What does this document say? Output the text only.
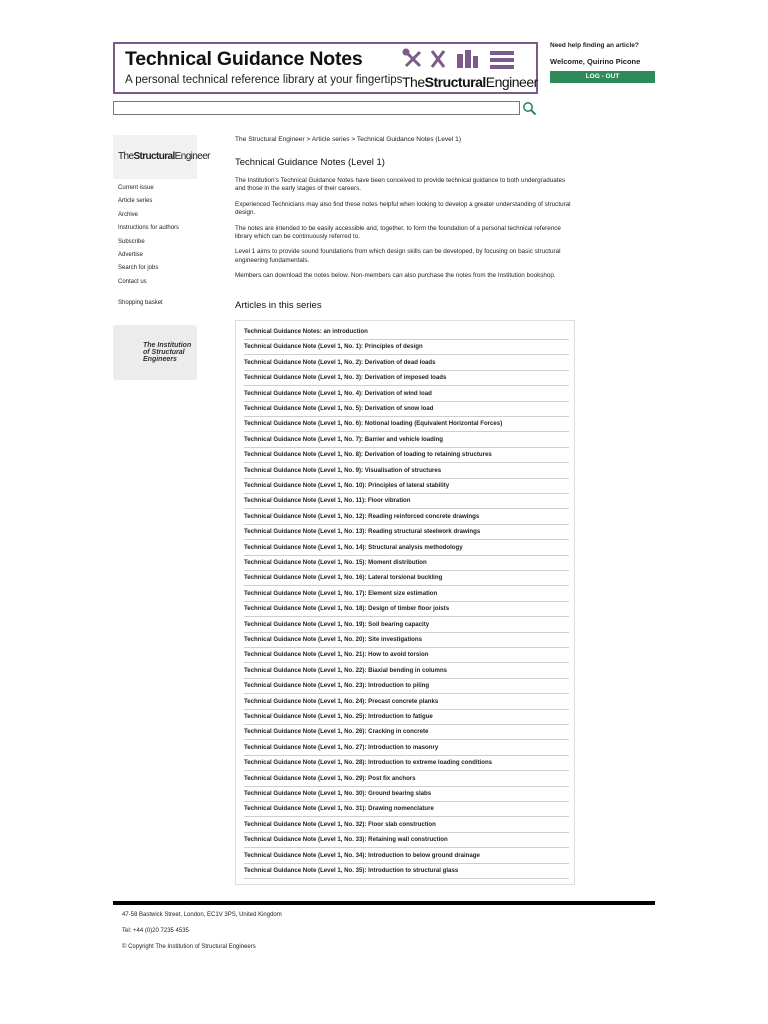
Technical Guidance Notes
A personal technical reference library at your fingertips TheStructuralEngineer
Need help finding an article?
Welcome, Quirino Picone
LOG - OUT
TheStructuralEngineer
Current issue
Article series
Archive
Instructions for authors
Subscribe
Advertise
Search for jobs
Contact us
Shopping basket
The Institution
of Structural
Engineers
The Structural Engineer > Article series > Technical Guidance Notes (Level 1)
Technical Guidance Notes (Level 1)

The Institution's Technical Guidance Notes have been conceived to provide technical guidance to both undergraduates and those in the early stages of their careers.

Experienced Technicians may also find these notes helpful when looking to develop a greater understanding of structural design.

The notes are intended to be easily accessible and, together, to form the foundation of a personal technical reference library which can be continuously referred to.

Level 1 aims to provide sound foundations from which design skills can be developed, by focusing on basic structural engineering fundamentals.

Members can download the notes below. Non-members can also purchase the notes from the Institution bookshop.

Articles in this series
Technical Guidance Notes: an introduction
Technical Guidance Note (Level 1, No. 1): Principles of design
Technical Guidance Note (Level 1, No. 2): Derivation of dead loads
Technical Guidance Note (Level 1, No. 3): Derivation of imposed loads
Technical Guidance Note (Level 1, No. 4): Derivation of wind load
Technical Guidance Note (Level 1, No. 5): Derivation of snow load
Technical Guidance Note (Level 1, No. 6): Notional loading (Equivalent Horizontal Forces)
Technical Guidance Note (Level 1, No. 7): Barrier and vehicle loading
Technical Guidance Note (Level 1, No. 8): Derivation of loading to retaining structures
Technical Guidance Note (Level 1, No. 9): Visualisation of structures
Technical Guidance Note (Level 1, No. 10): Principles of lateral stability
Technical Guidance Note (Level 1, No. 11): Floor vibration
Technical Guidance Note (Level 1, No. 12): Reading reinforced concrete drawings
Technical Guidance Note (Level 1, No. 13): Reading structural steelwork drawings
Technical Guidance Note (Level 1, No. 14): Structural analysis methodology
Technical Guidance Note (Level 1, No. 15): Moment distribution
Technical Guidance Note (Level 1, No. 16): Lateral torsional buckling
Technical Guidance Note (Level 1, No. 17): Element size estimation
Technical Guidance Note (Level 1, No. 18): Design of timber floor joists
Technical Guidance Note (Level 1, No. 19): Soil bearing capacity
Technical Guidance Note (Level 1, No. 20): Site investigations
Technical Guidance Note (Level 1, No. 21): How to avoid torsion
Technical Guidance Note (Level 1, No. 22): Biaxial bending in columns
Technical Guidance Note (Level 1, No. 23): Introduction to piling
Technical Guidance Note (Level 1, No. 24): Precast concrete planks
Technical Guidance Note (Level 1, No. 25): Introduction to fatigue
Technical Guidance Note (Level 1, No. 26): Cracking in concrete
Technical Guidance Note (Level 1, No. 27): Introduction to masonry
Technical Guidance Note (Level 1, No. 28): Introduction to extreme loading conditions
Technical Guidance Note (Level 1, No. 29): Post fix anchors
Technical Guidance Note (Level 1, No. 30): Ground bearing slabs
Technical Guidance Note (Level 1, No. 31): Drawing nomenclature
Technical Guidance Note (Level 1, No. 32): Floor slab construction
Technical Guidance Note (Level 1, No. 33): Retaining wall construction
Technical Guidance Note (Level 1, No. 34): Introduction to below ground drainage
Technical Guidance Note (Level 1, No. 35): Introduction to structural glass
47-58 Bastwick Street, London, EC1V 3PS, United Kingdom
Tel: +44 (0)20 7235 4535
© Copyright The Institution of Structural Engineers
